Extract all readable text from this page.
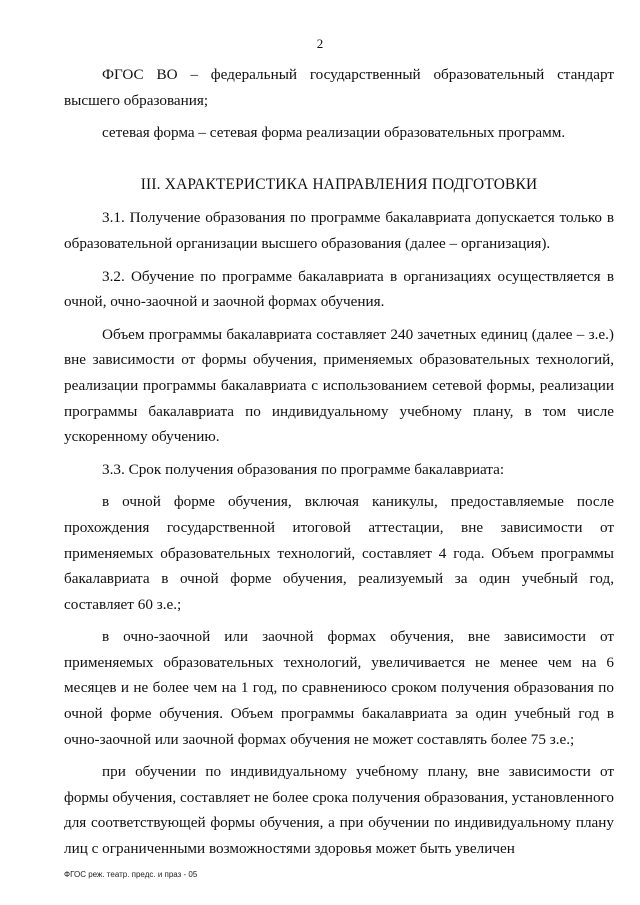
2

ФГОС ВО – федеральный государственный образовательный стандарт высшего образования;

сетевая форма – сетевая форма реализации образовательных программ.

III. ХАРАКТЕРИСТИКА НАПРАВЛЕНИЯ ПОДГОТОВКИ

3.1. Получение образования по программе бакалавриата допускается только в образовательной организации высшего образования (далее – организация).

3.2. Обучение по программе бакалавриата в организациях осуществляется в очной, очно-заочной и заочной формах обучения.

Объем программы бакалавриата составляет 240 зачетных единиц (далее – з.е.) вне зависимости от формы обучения, применяемых образовательных технологий, реализации программы бакалавриата с использованием сетевой формы, реализации программы бакалавриата по индивидуальному учебному плану, в том числе ускоренному обучению.

3.3. Срок получения образования по программе бакалавриата:

в очной форме обучения, включая каникулы, предоставляемые после прохождения государственной итоговой аттестации, вне зависимости от применяемых образовательных технологий, составляет 4 года. Объем программы бакалавриата в очной форме обучения, реализуемый за один учебный год, составляет 60 з.е.;

в очно-заочной или заочной формах обучения, вне зависимости от применяемых образовательных технологий, увеличивается не менее чем на 6 месяцев и не более чем на 1 год, по сравнениюсо сроком получения образования по очной форме обучения. Объем программы бакалавриата за один учебный год в очно-заочной или заочной формах обучения не может составлять более 75 з.е.;

при обучении по индивидуальному учебному плану, вне зависимости от формы обучения, составляет не более срока получения образования, установленного для соответствующей формы обучения, а при обучении по индивидуальному плану лиц с ограниченными возможностями здоровья может быть увеличен

ФГОС реж. театр. предс. и праз - 05
